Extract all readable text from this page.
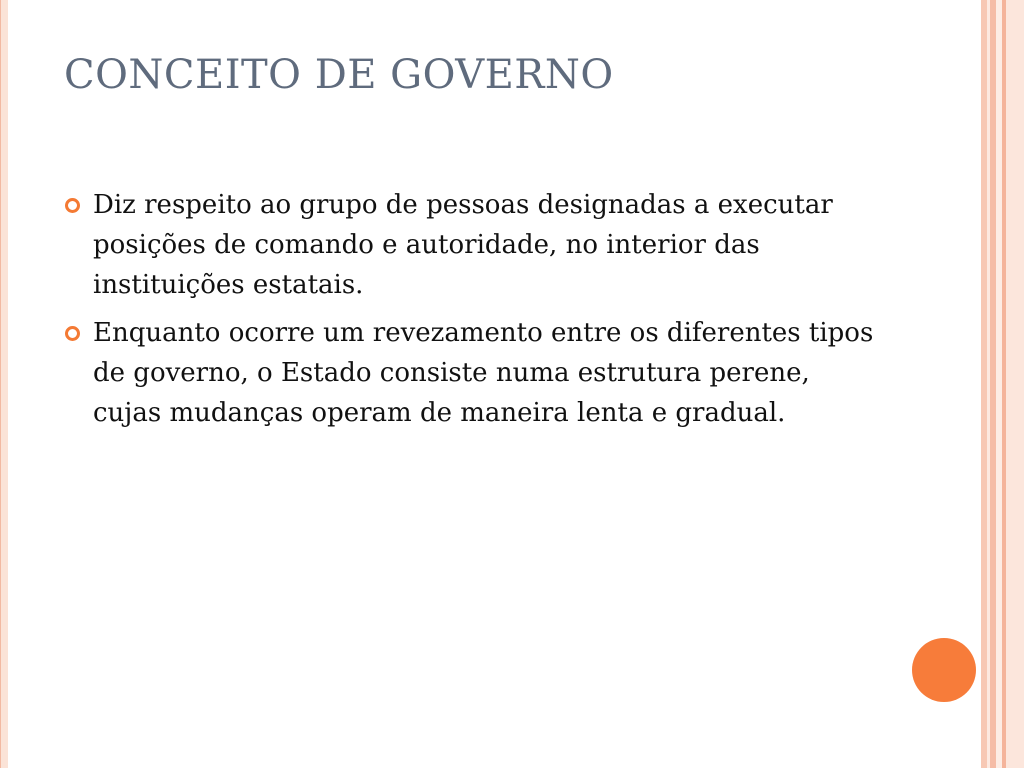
CONCEITO DE GOVERNO
Diz respeito ao grupo de pessoas designadas a executar posições de comando e autoridade, no interior das instituições estatais.
Enquanto ocorre um revezamento entre os diferentes tipos de governo, o Estado consiste numa estrutura perene, cujas mudanças operam de maneira lenta e gradual.
